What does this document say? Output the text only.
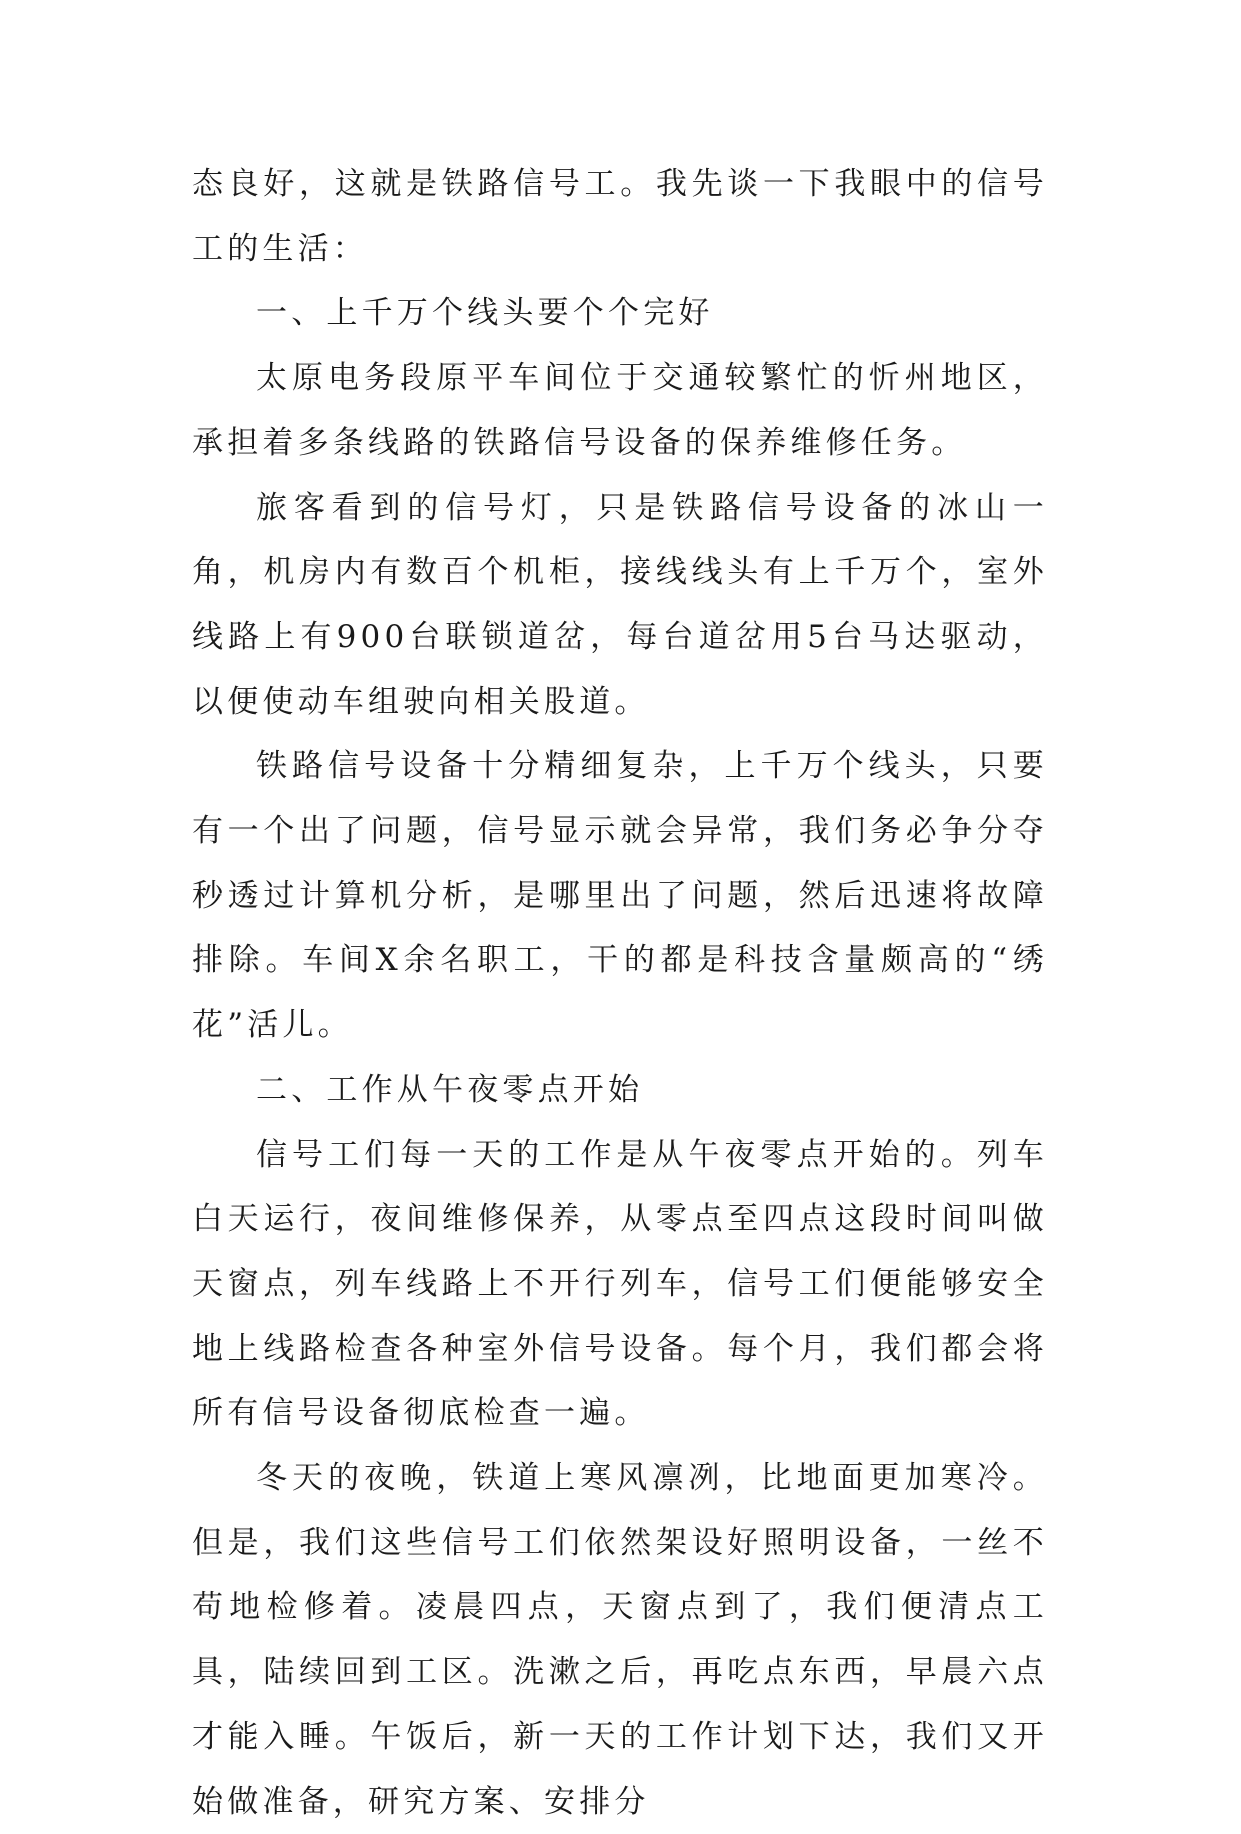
态良好，这就是铁路信号工。我先谈一下我眼中的信号工的生活：

一、上千万个线头要个个完好

太原电务段原平车间位于交通较繁忙的忻州地区，承担着多条线路的铁路信号设备的保养维修任务。

旅客看到的信号灯，只是铁路信号设备的冰山一角，机房内有数百个机柜，接线线头有上千万个，室外线路上有900台联锁道岔，每台道岔用5台马达驱动，以便使动车组驶向相关股道。

铁路信号设备十分精细复杂，上千万个线头，只要有一个出了问题，信号显示就会异常，我们务必争分夺秒透过计算机分析，是哪里出了问题，然后迅速将故障排除。车间X余名职工，干的都是科技含量颇高的“绣花”活儿。

二、工作从午夜零点开始

信号工们每一天的工作是从午夜零点开始的。列车白天运行，夜间维修保养，从零点至四点这段时间叫做天窗点，列车线路上不开行列车，信号工们便能够安全地上线路检查各种室外信号设备。每个月，我们都会将所有信号设备彻底检查一遍。

冬天的夜晚，铁道上寒风凛冽，比地面更加寒冷。但是，我们这些信号工们依然架设好照明设备，一丝不苟地检修着。凌晨四点，天窗点到了，我们便清点工具，陆续回到工区。洗漱之后，再吃点东西，早晨六点才能入睡。午饭后，新一天的工作计划下达，我们又开始做准备，研究方案、安排分
